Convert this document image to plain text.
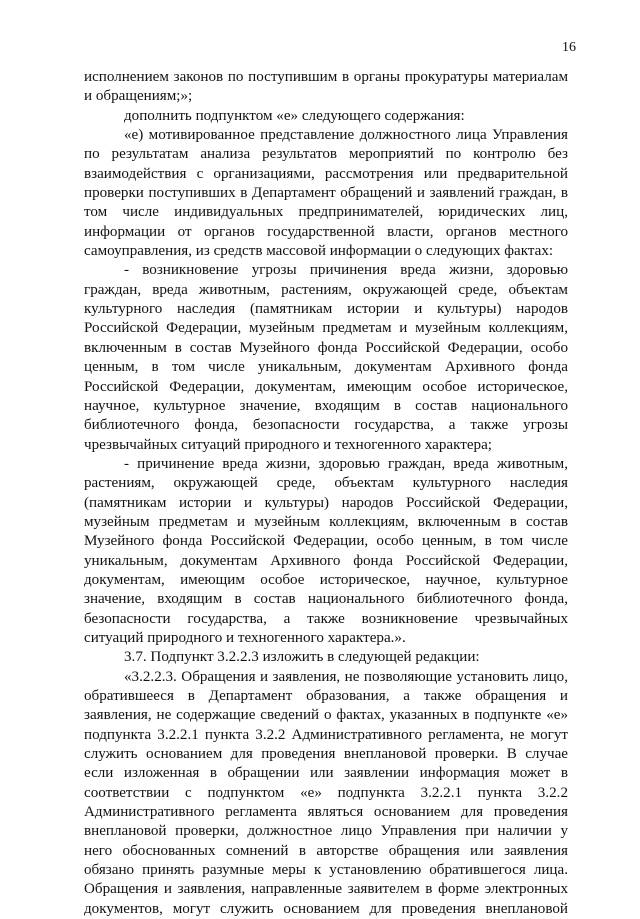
16
исполнением законов по поступившим в органы прокуратуры материалам
и обращениям;»;
дополнить подпунктом «е» следующего содержания:
«е) мотивированное представление должностного лица Управления
по результатам анализа результатов мероприятий по контролю без
взаимодействия с организациями, рассмотрения или предварительной
проверки поступивших в Департамент обращений и заявлений граждан, в
том числе индивидуальных предпринимателей, юридических лиц,
информации от органов государственной власти, органов местного
самоуправления, из средств массовой информации о следующих фактах:
- возникновение угрозы причинения вреда жизни, здоровью
граждан, вреда животным, растениям, окружающей среде, объектам
культурного наследия (памятникам истории и культуры) народов
Российской Федерации, музейным предметам и музейным коллекциям,
включенным в состав Музейного фонда Российской Федерации, особо
ценным, в том числе уникальным, документам Архивного фонда
Российской Федерации, документам, имеющим особое историческое,
научное, культурное значение, входящим в состав национального
библиотечного фонда, безопасности государства, а также угрозы
чрезвычайных ситуаций природного и техногенного характера;
- причинение вреда жизни, здоровью граждан, вреда животным,
растениям, окружающей среде, объектам культурного наследия
(памятникам истории и культуры) народов Российской Федерации,
музейным предметам и музейным коллекциям, включенным в состав
Музейного фонда Российской Федерации, особо ценным, в том числе
уникальным, документам Архивного фонда Российской Федерации,
документам, имеющим особое историческое, научное, культурное
значение, входящим в состав национального библиотечного фонда,
безопасности государства, а также возникновение чрезвычайных
ситуаций природного и техногенного характера.».
3.7. Подпункт 3.2.2.3 изложить в следующей редакции:
«3.2.2.3. Обращения и заявления, не позволяющие установить лицо,
обратившееся в Департамент образования, а также обращения и
заявления, не содержащие сведений о фактах, указанных в подпункте «е»
подпункта 3.2.2.1 пункта 3.2.2 Административного регламента, не могут
служить основанием для проведения внеплановой проверки. В случае
если изложенная в обращении или заявлении информация может в
соответствии с подпунктом «е» подпункта 3.2.2.1 пункта 3.2.2
Административного регламента являться основанием для проведения
внеплановой проверки, должностное лицо Управления при наличии у
него обоснованных сомнений в авторстве обращения или заявления
обязано принять разумные меры к установлению обратившегося лица.
Обращения и заявления, направленные заявителем в форме электронных
документов, могут служить основанием для проведения внеплановой
